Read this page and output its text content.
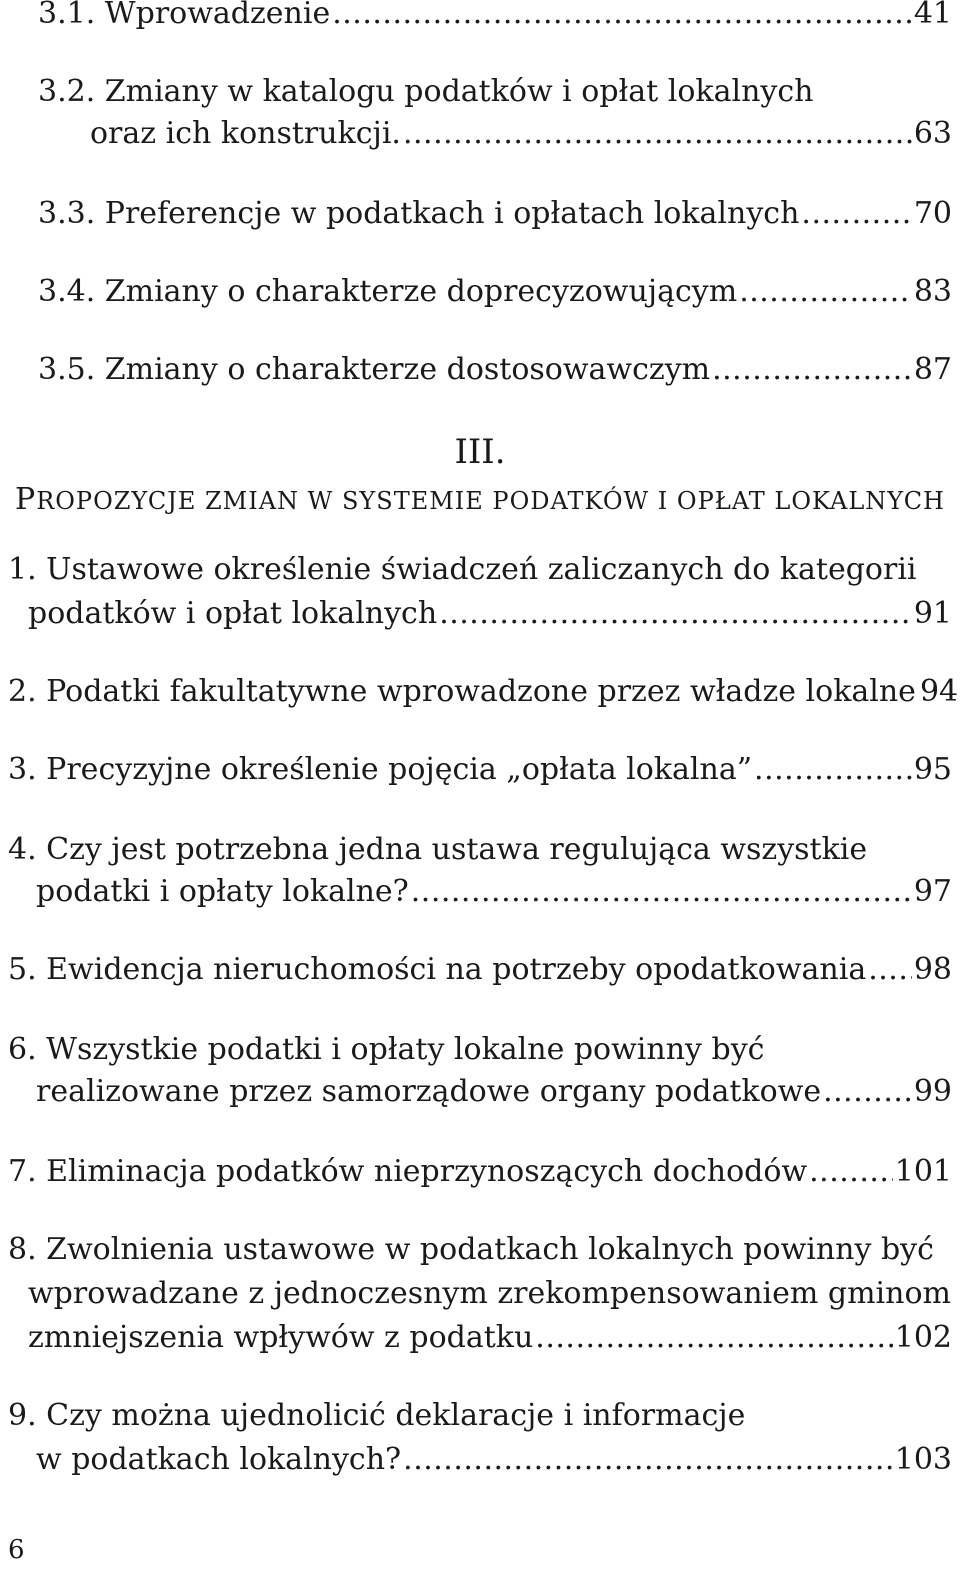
3.1. Wprowadzenie .....	41
3.2. Zmiany w katalogu podatków i opłat lokalnych
oraz ich konstrukcji. .....	63
3.3. Preferencje w podatkach i opłatach lokalnych .....	70
3.4. Zmiany o charakterze doprecyzowującym .....	83
3.5. Zmiany o charakterze dostosowawczym .....	87
III.
PROPOZYCJE ZMIAN W SYSTEMIE PODATKÓW I OPŁAT LOKALNYCH
1. Ustawowe określenie świadczeń zaliczanych do kategorii
podatków i opłat lokalnych .....	91
2. Podatki fakultatywne wprowadzone przez władze lokalne 94
3. Precyzyjne określenie pojęcia „opłata lokalna” .....	95
4. Czy jest potrzebna jedna ustawa regulująca wszystkie
podatki i opłaty lokalne? .....	97
5. Ewidencja nieruchomości na potrzeby opodatkowania ..... 98
6. Wszystkie podatki i opłaty lokalne powinny być
realizowane przez samorządowe organy podatkowe .....	99
7. Eliminacja podatków nieprzynoszących dochodów .....	101
8. Zwolnienia ustawowe w podatkach lokalnych powinny być
wprowadzane z jednoczesnym zrekompensowaniem gminom
zmniejszenia wpływów z podatku .....	102
9. Czy można ujednolicić deklaracje i informacje
w podatkach lokalnych? .....	103
6
